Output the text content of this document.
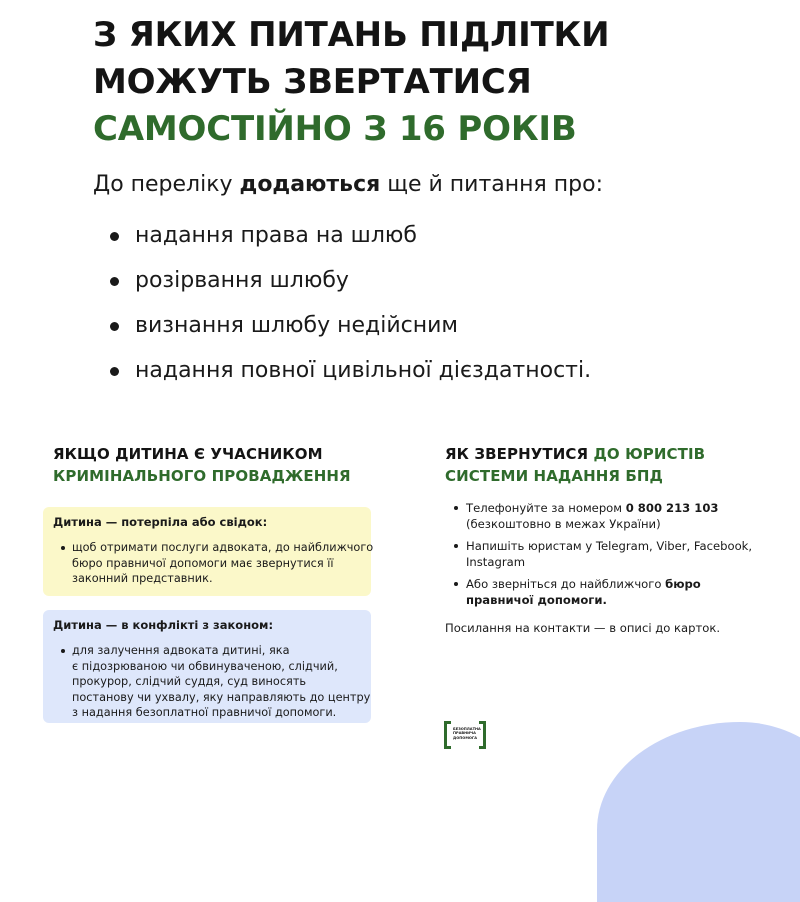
З ЯКИХ ПИТАНЬ ПІДЛІТКИ
МОЖУТЬ ЗВЕРТАТИСЯ
САМОСТІЙНО З 16 РОКІВ
До переліку додаються ще й питання про:
надання права на шлюб
розірвання шлюбу
визнання шлюбу недійсним
надання повної цивільної дієздатності.
ЯКЩО ДИТИНА Є УЧАСНИКОМ
КРИМІНАЛЬНОГО ПРОВАДЖЕННЯ
Дитина — потерпіла або свідок:
щоб отримати послуги адвоката, до найближчого
бюро правничої допомоги має звернутися її
законний представник.
Дитина — в конфлікті з законом:
для залучення адвоката дитині, яка
є підозрюваною чи обвинуваченою, слідчий,
прокурор, слідчий суддя, суд виносять
постанову чи ухвалу, яку направляють до центру
з надання безоплатної правничої допомоги.
ЯК ЗВЕРНУТИСЯ ДО ЮРИСТІВ
СИСТЕМИ НАДАННЯ БПД
Телефонуйте за номером 0 800 213 103
(безкоштовно в межах України)
Напишіть юристам у Telegram, Viber, Facebook,
Instagram
Або зверніться до найближчого бюро
правничої допомоги.
Посилання на контакти — в описі до карток.
БЕЗОПЛАТНА
ПРАВНИЧА
ДОПОМОГА
